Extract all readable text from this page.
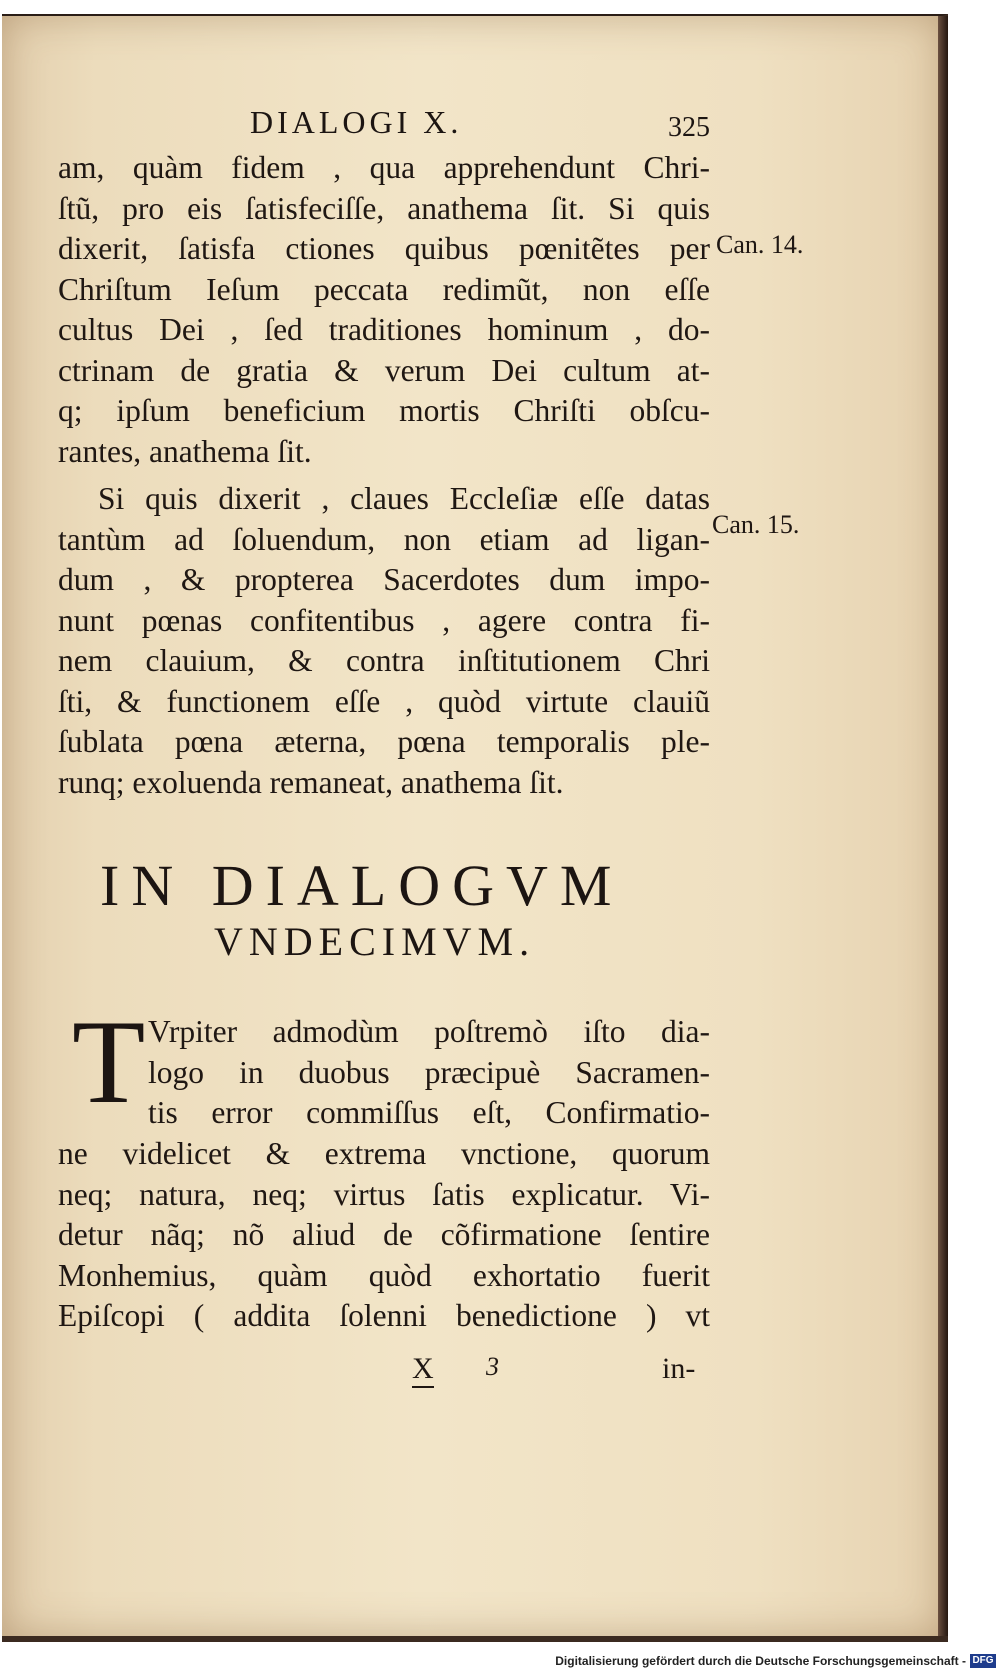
DIALOGI X.	325
Can. 14.
Can. 15.
am, quàm fidem , qua apprehendunt Chri-
ſtũ, pro eis ſatisfeciſſe, anathema ſit. Si quis
dixerit, ſatisfa ctiones quibus pœnitẽtes per
Chriſtum Ieſum peccata redimũt, non eſſe
cultus Dei , ſed traditiones hominum , do-
ctrinam de gratia & verum Dei cultum at-
q; ipſum beneficium mortis Chriſti obſcu-
rantes, anathema ſit.
Si quis dixerit , claues Eccleſiæ eſſe datas
tantùm ad ſoluendum, non etiam ad ligan-
dum , & propterea Sacerdotes dum impo-
nunt pœnas confitentibus , agere contra fi-
nem clauium, & contra inſtitutionem Chri
ſti, & functionem eſſe , quòd virtute clauiũ
ſublata pœna æterna, pœna temporalis ple-
runq; exoluenda remaneat, anathema ſit.
IN DIALOGVM
VNDECIMVM.
T Vrpiter admodùm poſtremò iſto dia-
logo in duobus præcipuè Sacramen-
tis error commiſſus eſt, Confirmatio-
ne videlicet & extrema vnctione, quorum
neq; natura, neq; virtus ſatis explicatur. Vi-
detur nãq; nõ aliud de cõfirmatione ſentire
Monhemius, quàm quòd exhortatio fuerit
Epiſcopi ( addita ſolenni benedictione ) vt
X 3	in-
Digitalisierung gefördert durch die Deutsche Forschungsgemeinschaft - DFG
